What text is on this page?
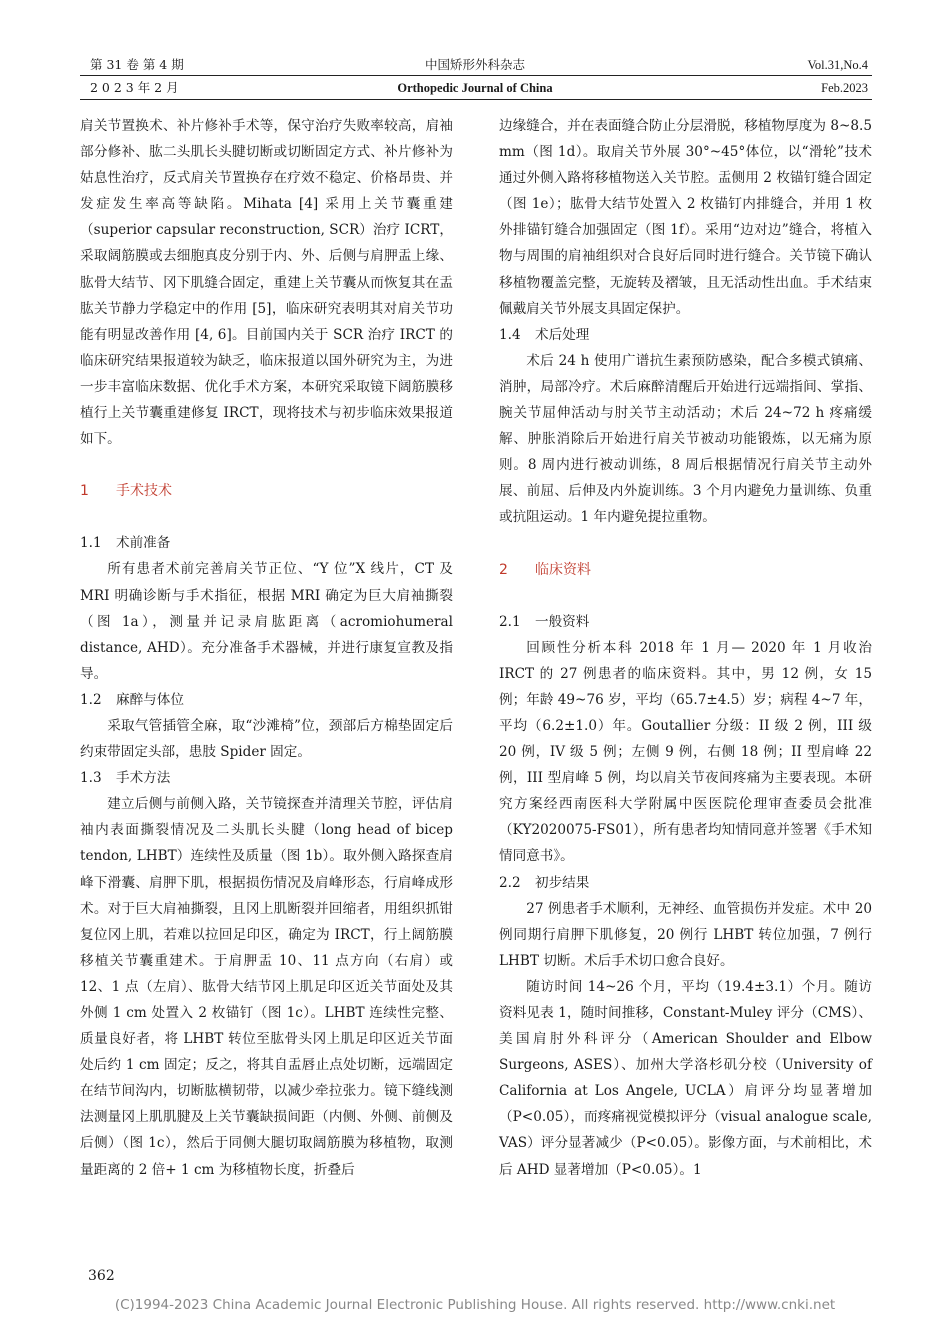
第 31 卷 第 4 期
2 0 2 3 年 2 月
中国矫形外科杂志
Orthopedic Journal of China
Vol.31,No.4
Feb.2023

肩关节置换术、补片修补手术等，保守治疗失败率较高，肩袖部分修补、肱二头肌长头腱切断或切断固定方式、补片修补为姑息性治疗，反式肩关节置换存在疗效不稳定、价格昂贵、并发症发生率高等缺陷。Mihata [4] 采用上关节囊重建（superior capsular reconstruction, SCR）治疗 ICRT，采取阔筋膜或去细胞真皮分别于内、外、后侧与肩胛盂上缘、肱骨大结节、冈下肌缝合固定，重建上关节囊从而恢复其在盂肱关节静力学稳定中的作用 [5]，临床研究表明其对肩关节功能有明显改善作用 [4, 6]。目前国内关于 SCR 治疗 IRCT 的临床研究结果报道较为缺乏，临床报道以国外研究为主，为进一步丰富临床数据、优化手术方案，本研究采取镜下阔筋膜移植行上关节囊重建修复 IRCT，现将技术与初步临床效果报道如下。

1 手术技术
1.1 术前准备

所有患者术前完善肩关节正位、“Y 位”X 线片，CT 及 MRI 明确诊断与手术指征，根据 MRI 确定为巨大肩袖撕裂（图 1a），测量并记录肩肱距离（acromiohumeral distance, AHD）。充分准备手术器械，并进行康复宣教及指导。

1.2 麻醉与体位

采取气管插管全麻，取“沙滩椅”位，颈部后方棉垫固定后约束带固定头部，患肢 Spider 固定。

1.3 手术方法

建立后侧与前侧入路，关节镜探查并清理关节腔，评估肩袖内表面撕裂情况及二头肌长头腱（long head of bicep tendon, LHBT）连续性及质量（图 1b）。取外侧入路探查肩峰下滑囊、肩胛下肌，根据损伤情况及肩峰形态，行肩峰成形术。对于巨大肩袖撕裂，且冈上肌断裂并回缩者，用组织抓钳复位冈上肌，若难以拉回足印区，确定为 IRCT，行上阔筋膜移植关节囊重建术。于肩胛盂 10、11 点方向（右肩）或 12、1 点（左肩）、肱骨大结节冈上肌足印区近关节面处及其外侧 1 cm 处置入 2 枚锚钉（图 1c）。LHBT 连续性完整、质量良好者，将 LHBT 转位至肱骨头冈上肌足印区近关节面处后约 1 cm 固定；反之，将其自盂唇止点处切断，远端固定在结节间沟内，切断肱横韧带，以减少牵拉张力。镜下缝线测法测量冈上肌肌腱及上关节囊缺损间距（内侧、外侧、前侧及后侧）（图 1c），然后于同侧大腿切取阔筋膜为移植物，取测量距离的 2 倍+ 1 cm 为移植物长度，折叠后

边缘缝合，并在表面缝合防止分层滑脱，移植物厚度为 8~8.5 mm（图 1d）。取肩关节外展 30°~45°体位，以“滑轮”技术通过外侧入路将移植物送入关节腔。盂侧用 2 枚锚钉缝合固定（图 1e）；肱骨大结节处置入 2 枚锚钉内排缝合，并用 1 枚外排锚钉缝合加强固定（图 1f）。采用“边对边”缝合，将植入物与周围的肩袖组织对合良好后同时进行缝合。关节镜下确认移植物覆盖完整，无旋转及褶皱，且无活动性出血。手术结束佩戴肩关节外展支具固定保护。

1.4 术后处理

术后 24 h 使用广谱抗生素预防感染，配合多模式镇痛、消肿，局部冷疗。术后麻醉清醒后开始进行远端指间、掌指、腕关节屈伸活动与肘关节主动活动；术后 24~72 h 疼痛缓解、肿胀消除后开始进行肩关节被动功能锻炼，以无痛为原则。8 周内进行被动训练，8 周后根据情况行肩关节主动外展、前屈、后伸及内外旋训练。3 个月内避免力量训练、负重或抗阻运动。1 年内避免提拉重物。

2 临床资料
2.1 一般资料

回顾性分析本科 2018 年 1 月— 2020 年 1 月收治 IRCT 的 27 例患者的临床资料。其中，男 12 例，女 15 例；年龄 49~76 岁，平均（65.7±4.5）岁；病程 4~7 年，平均（6.2±1.0）年。Goutallier 分级：II 级 2 例，III 级 20 例，IV 级 5 例；左侧 9 例，右侧 18 例；II 型肩峰 22 例，III 型肩峰 5 例，均以肩关节夜间疼痛为主要表现。本研究方案经西南医科大学附属中医医院伦理审查委员会批准（KY2020075-FS01），所有患者均知情同意并签署《手术知情同意书》。

2.2 初步结果

27 例患者手术顺利，无神经、血管损伤并发症。术中 20 例同期行肩胛下肌修复，20 例行 LHBT 转位加强，7 例行 LHBT 切断。术后手术切口愈合良好。

随访时间 14~26 个月，平均（19.4±3.1）个月。随访资料见表 1，随时间推移，Constant-Muley 评分（CMS）、美国肩肘外科评分（American Shoulder and Elbow Surgeons, ASES）、加州大学洛杉矶分校（University of California at Los Angele, UCLA）肩评分均显著增加（P<0.05），而疼痛视觉模拟评分（visual analogue scale, VAS）评分显著减少（P<0.05）。影像方面，与术前相比，术后 AHD 显著增加（P<0.05）。1

362
(C)1994-2023 China Academic Journal Electronic Publishing House. All rights reserved. http://www.cnki.net
